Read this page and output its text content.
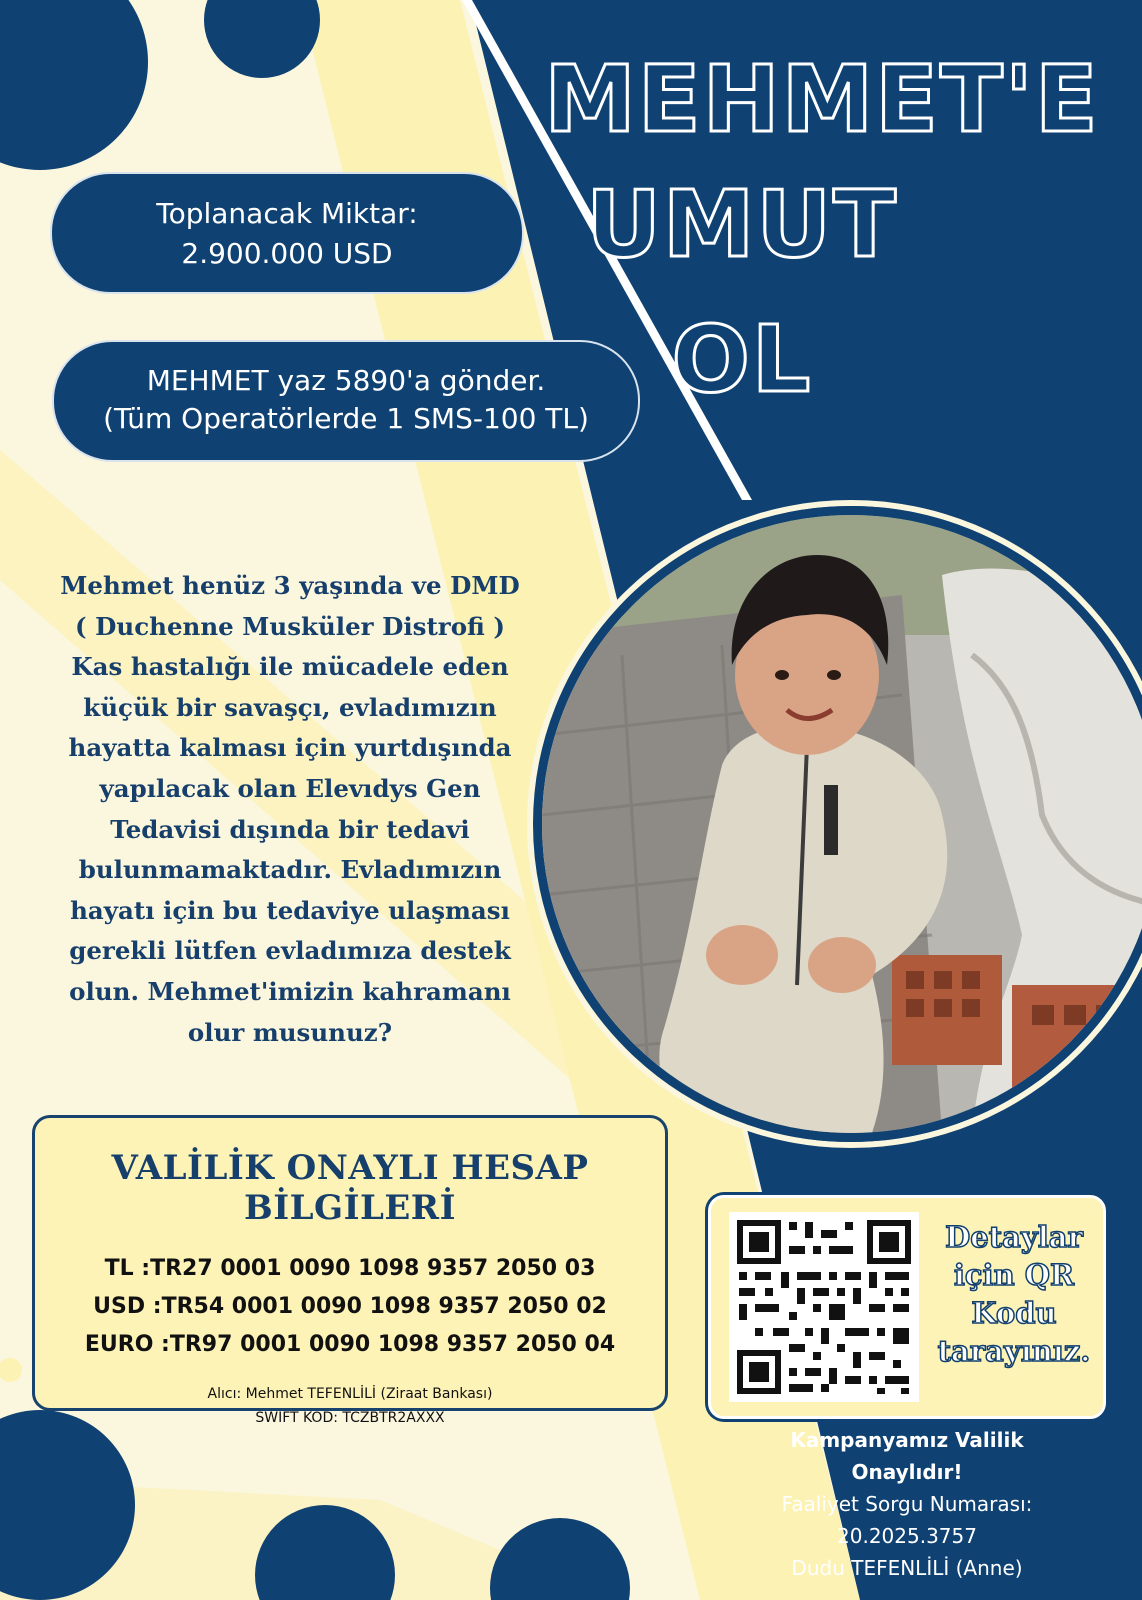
MEHMET'E
UMUT
OL
Toplanacak Miktar:
2.900.000 USD
MEHMET yaz 5890'a gönder.
(Tüm Operatörlerde 1 SMS-100 TL)
Mehmet henüz 3 yaşında ve DMD
( Duchenne Musküler Distrofi )
Kas hastalığı ile mücadele eden
küçük bir savaşçı, evladımızın
hayatta kalması için yurtdışında
yapılacak olan Elevıdys Gen
Tedavisi dışında bir tedavi
bulunmamaktadır. Evladımızın
hayatı için bu tedaviye ulaşması
gerekli lütfen evladımıza destek
olun. Mehmet'imizin kahramanı
olur musunuz?
VALİLİK ONAYLI HESAP BİLGİLERİ
TL :TR27 0001 0090 1098 9357 2050 03
USD :TR54 0001 0090 1098 9357 2050 02
EURO :TR97 0001 0090 1098 9357 2050 04
Alıcı: Mehmet TEFENLİLİ (Ziraat Bankası)
SWIFT KOD: TCZBTR2AXXX
Detaylar
için QR
Kodu
tarayınız.
Kampanyamız Valilik
Onaylıdır!
Faaliyet Sorgu Numarası:
20.2025.3757
Dudu TEFENLİLİ (Anne)
